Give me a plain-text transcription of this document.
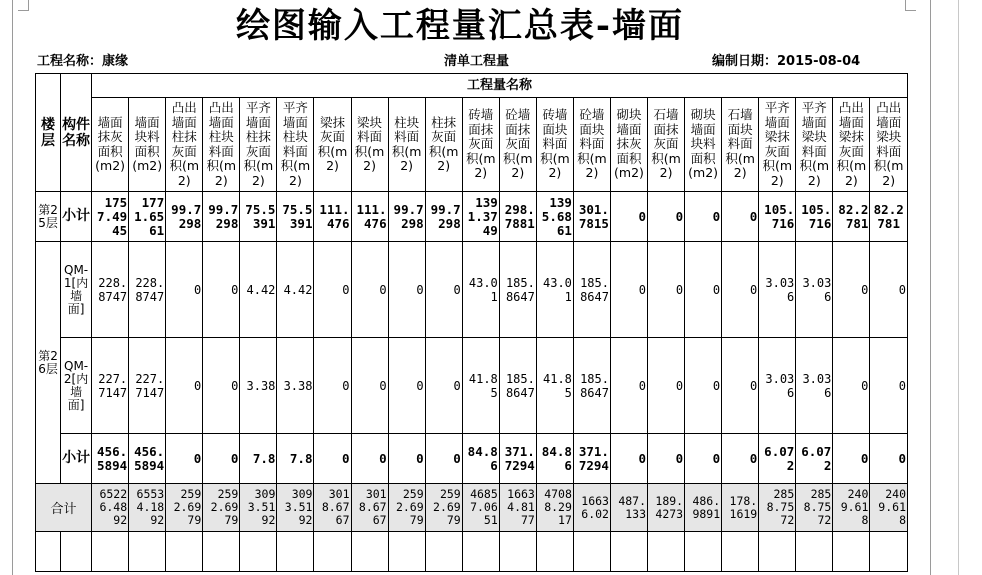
绘图输入工程量汇总表-墙面
工程名称：康缘	清单工程量	编制日期：2015-08-04
楼层	构件名称	工程量名称																					
		墙面抹灰面积(m2)	墙面块料面积(m2)	凸出墙面柱抹灰面积(m2)	凸出墙面柱块料面积(m2)	平齐墙面柱抹灰面积(m2)	平齐墙面柱块料面积(m2)	梁抹灰面积(m2)	梁块料面积(m2)	柱块料面积(m2)	柱抹灰面积(m2)	砖墙面抹灰面积(m2)	砼墙面抹灰面积(m2)	砖墙面块料面积(m2)	砼墙面块料面积(m2)	砌块墙面抹灰面积(m2)	石墙面抹灰面积(m2)	砌块墙面块料面积(m2)	石墙面块料面积(m2)	平齐墙面梁抹灰面积(m2)	平齐墙面梁块料面积(m2)	凸出墙面梁抹灰面积(m2)	凸出墙面梁块料面积(m2)
第25层	小计	1757.4945	1771.6561	99.7298	99.7298	75.5391	75.5391	111.476	111.476	99.7298	99.7298	1391.3749	298.7881	1395.6861	301.7815	0	0	0	0	105.716	105.716	82.2781	82.2781
第26层	QM-1[内墙面]	228.8747	228.8747	0	0	4.42	4.42	0	0	0	0	43.01	185.8647	43.01	185.8647	0	0	0	0	3.036	3.036	0	0
	QM-2[内墙面]	227.7147	227.7147	0	0	3.38	3.38	0	0	0	0	41.85	185.8647	41.85	185.8647	0	0	0	0	3.036	3.036	0	0
	小计	456.5894	456.5894	0	0	7.8	7.8	0	0	0	0	84.86	371.7294	84.86	371.7294	0	0	0	0	6.072	6.072	0	0
合计		65226.4892	65534.1892	2592.6979	2592.6979	3093.5192	3093.5192	3018.6767	3018.6767	2592.6979	2592.6979	46857.0651	16634.8177	47088.2917	16636.02	487.133	189.4273	486.9891	178.1619	2858.7572	2858.7572	2409.618	2409.618
